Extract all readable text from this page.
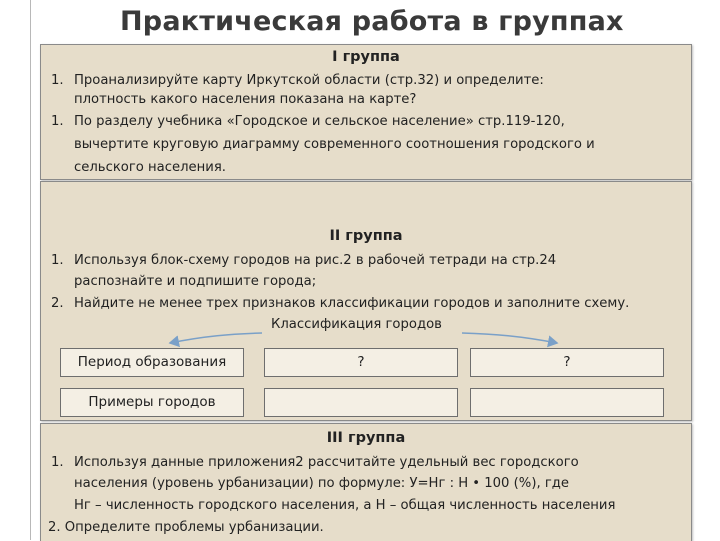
Практическая работа в группах
I группа
1. Проанализируйте карту Иркутской области (стр.32) и определите:
плотность какого населения показана на карте?
1. По разделу учебника «Городское и сельское население» стр.119-120,
вычертите круговую диаграмму современного соотношения городского и
сельского населения.
II группа
1. Используя блок-схему городов на рис.2 в рабочей тетради на стр.24
распознайте и подпишите города;
2. Найдите не менее трех признаков классификации городов и заполните схему.
Классификация городов
Период образования	?	?
Примеры городов
III группа
1. Используя данные приложения2 рассчитайте удельный вес городского
населения (уровень урбанизации) по формуле: У=Нг : Н • 100 (%), где
Нг – численность городского населения, а Н – общая численность населения
2. Определите проблемы урбанизации.
